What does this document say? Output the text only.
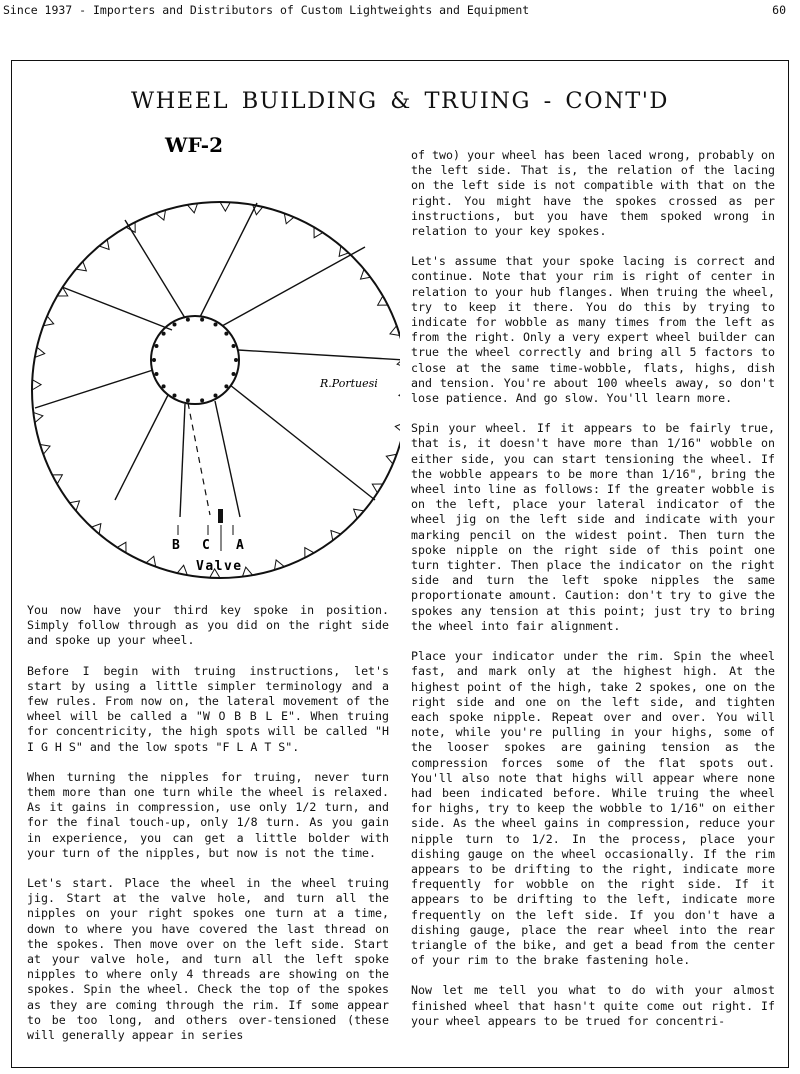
Since 1937 - Importers and Distributors of Custom Lightweights and Equipment	60
WHEEL BUILDING & TRUING - CONT'D
WF-2
B C A
Valve
R.Portuesi

of two) your wheel has been laced wrong, probably on the left side. That is, the relation of the lacing on the left side is not compatible with that on the right. You might have the spokes crossed as per instructions, but you have them spoked wrong in relation to your key spokes.

Let's assume that your spoke lacing is correct and continue. Note that your rim is right of center in relation to your hub flanges. When truing the wheel, try to keep it there. You do this by trying to indicate for wobble as many times from the left as from the right. Only a very expert wheel builder can true the wheel correctly and bring all 5 factors to close at the same time-wobble, flats, highs, dish and tension. You're about 100 wheels away, so don't lose patience. And go slow. You'll learn more.

Spin your wheel. If it appears to be fairly true, that is, it doesn't have more than 1/16" wobble on either side, you can start tensioning the wheel. If the wobble appears to be more than 1/16", bring the wheel into line as follows: If the greater wobble is on the left, place your lateral indicator of the wheel jig on the left side and indicate with your marking pencil on the widest point. Then turn the spoke nipple on the right side of this point one turn tighter. Then place the indicator on the right side and turn the left spoke nipples the same proportionate amount. Caution: don't try to give the spokes any tension at this point; just try to bring the wheel into fair alignment.

Place your indicator under the rim. Spin the wheel fast, and mark only at the highest high. At the highest point of the high, take 2 spokes, one on the right side and one on the left side, and tighten each spoke nipple. Repeat over and over. You will note, while you're pulling in your highs, some of the looser spokes are gaining tension as the compression forces some of the flat spots out. You'll also note that highs will appear where none had been indicated before. While truing the wheel for highs, try to keep the wobble to 1/16" on either side. As the wheel gains in compression, reduce your nipple turn to 1/2. In the process, place your dishing gauge on the wheel occasionally. If the rim appears to be drifting to the right, indicate more frequently for wobble on the right side. If it appears to be drifting to the left, indicate more frequently on the left side. If you don't have a dishing gauge, place the rear wheel into the rear triangle of the bike, and get a bead from the center of your rim to the brake fastening hole.

Now let me tell you what to do with your almost finished wheel that hasn't quite come out right. If your wheel appears to be trued for concentri-

You now have your third key spoke in position. Simply follow through as you did on the right side and spoke up your wheel.

Before I begin with truing instructions, let's start by using a little simpler terminology and a few rules. From now on, the lateral movement of the wheel will be called a "W O B B L E". When truing for concentricity, the high spots will be called "H I G H S" and the low spots "F L A T S".

When turning the nipples for truing, never turn them more than one turn while the wheel is relaxed. As it gains in compression, use only 1/2 turn, and for the final touch-up, only 1/8 turn. As you gain in experience, you can get a little bolder with your turn of the nipples, but now is not the time.

Let's start. Place the wheel in the wheel truing jig. Start at the valve hole, and turn all the nipples on your right spokes one turn at a time, down to where you have covered the last thread on the spokes. Then move over on the left side. Start at your valve hole, and turn all the left spoke nipples to where only 4 threads are showing on the spokes. Spin the wheel. Check the top of the spokes as they are coming through the rim. If some appear to be too long, and others over-tensioned (these will generally appear in series
